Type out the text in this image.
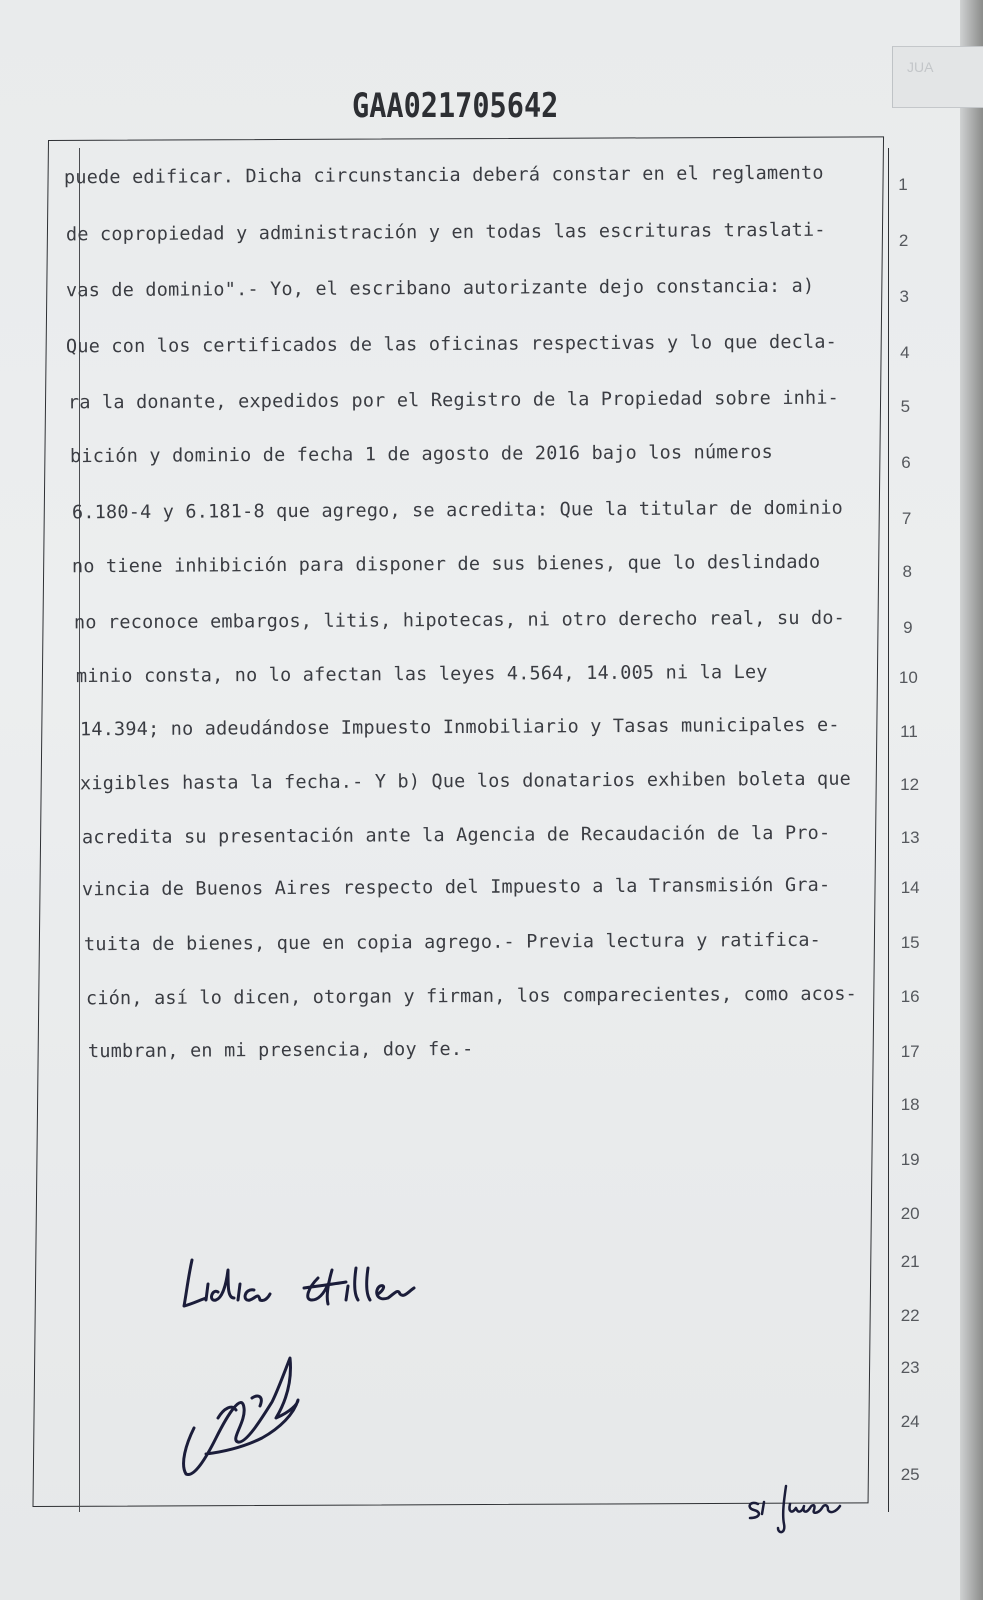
JUA
GAA021705642
1
puede edificar. Dicha circunstancia deberá constar en el reglamento
2
de copropiedad y administración y en todas las escrituras traslati-
3
vas de dominio".- Yo, el escribano autorizante dejo constancia: a)
4
Que con los certificados de las oficinas respectivas y lo que decla-
5
ra la donante, expedidos por el Registro de la Propiedad sobre inhi-
6
bición y dominio de fecha 1 de agosto de 2016 bajo los números
7
6.180-4 y 6.181-8 que agrego, se acredita: Que la titular de dominio
8
no tiene inhibición para disponer de sus bienes, que lo deslindado
9
no reconoce embargos, litis, hipotecas, ni otro derecho real, su do-
10
minio consta, no lo afectan las leyes 4.564, 14.005 ni la Ley
11
14.394; no adeudándose Impuesto Inmobiliario y Tasas municipales e-
12
xigibles hasta la fecha.- Y b) Que los donatarios exhiben boleta que
13
acredita su presentación ante la Agencia de Recaudación de la Pro-
14
vincia de Buenos Aires respecto del Impuesto a la Transmisión Gra-
15
tuita de bienes, que en copia agrego.- Previa lectura y ratifica-
16
ción, así lo dicen, otorgan y firman, los comparecientes, como acos-
17
tumbran, en mi presencia, doy fe.-
18
19
20
21
22
23
24
25
